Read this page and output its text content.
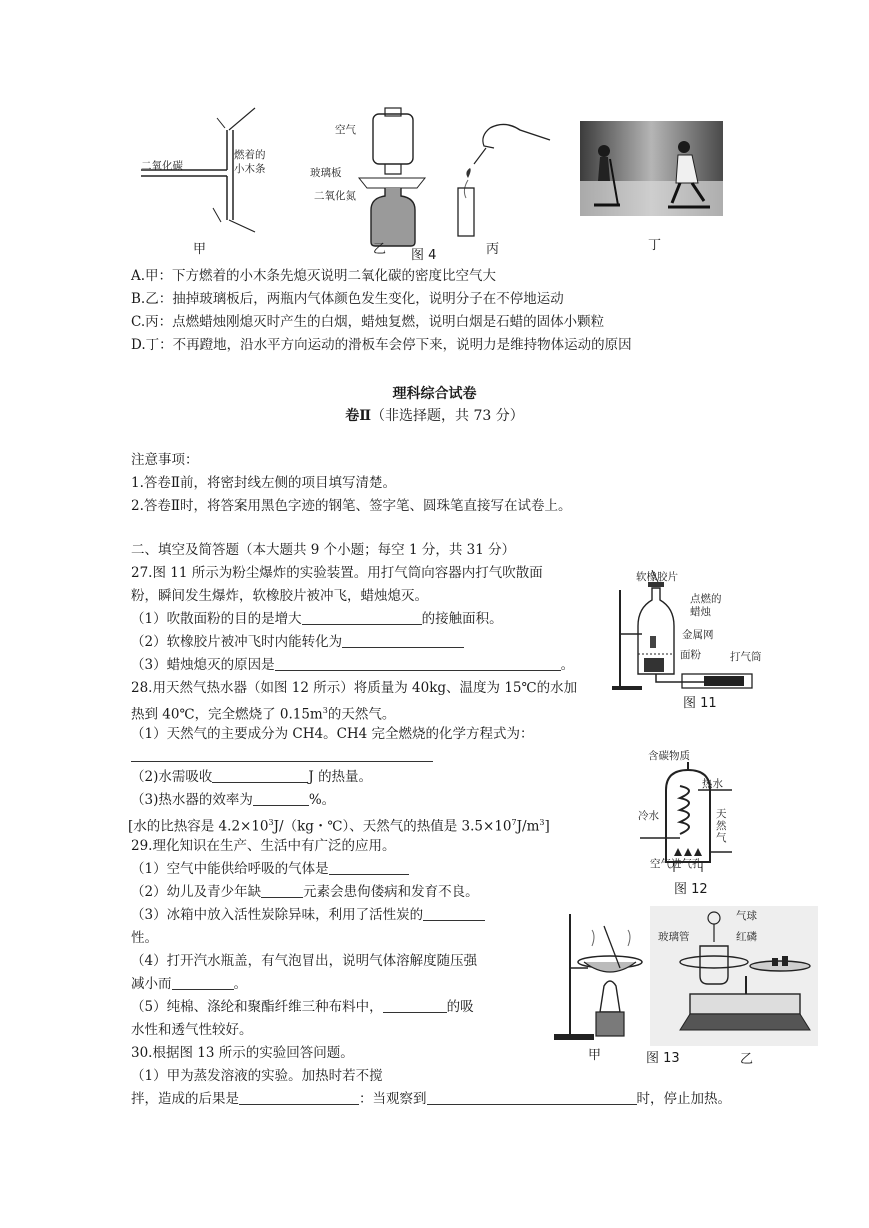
二氧化碳
燃着的
小木条
甲
空气
玻璃板
二氧化氮
乙 图 4	丙	丁
A.甲：下方燃着的小木条先熄灭说明二氧化碳的密度比空气大
B.乙：抽掉玻璃板后，两瓶内气体颜色发生变化，说明分子在不停地运动
C.丙：点燃蜡烛刚熄灭时产生的白烟，蜡烛复燃，说明白烟是石蜡的固体小颗粒
D.丁：不再蹬地，沿水平方向运动的滑板车会停下来，说明力是维持物体运动的原因
理科综合试卷
卷Ⅱ（非选择题，共 73 分）
注意事项：
1.答卷Ⅱ前，将密封线左侧的项目填写清楚。
2.答卷Ⅱ时，将答案用黑色字迹的钢笔、签字笔、圆珠笔直接写在试卷上。
二、填空及简答题（本大题共 9 个小题；每空 1 分，共 31 分）
27.图 11 所示为粉尘爆炸的实验装置。用打气筒向容器内打气吹散面
粉，瞬间发生爆炸，软橡胶片被冲飞，蜡烛熄灭。
（1）吹散面粉的目的是增大	的接触面积。
（2）软橡胶片被冲飞时内能转化为
（3）蜡烛熄灭的原因是	。
软橡胶片
点燃的
蜡烛
金属网
面粉	打气筒
图 11
28.用天然气热水器（如图 12 所示）将质量为 40kg、温度为 15℃的水加
热到 40℃，完全燃烧了 $0.15m^3$的天然气。
（1）天然气的主要成分为 CH4。CH4 完全燃烧的化学方程式为：
（2)水需吸收	J 的热量。
（3)热水器的效率为	%。
[水的比热容是 $4.2\times 10^3J/(kg$・℃）、天然气的热值是 $3.5\times 10^7J/m^3$]
含碳物质
热水
冷水	天
然
气
空气进气孔
图 12
29.理化知识在生产、生活中有广泛的应用。
（1）空气中能供给呼吸的气体是
（2）幼儿及青少年缺	元素会患佝偻病和发育不良。
（3）冰箱中放入活性炭除异味，利用了活性炭的
性。
（4）打开汽水瓶盖，有气泡冒出，说明气体溶解度随压强
减小而	。
（5）纯棉、涤纶和聚酯纤维三种布料中，	的吸
水性和透气性较好。
气球
玻璃管	红磷
甲	图 13	乙
30.根据图 13 所示的实验回答问题。
（1）甲为蒸发溶液的实验。加热时若不搅
拌，造成的后果是	：当观察到	时，停止加热。
